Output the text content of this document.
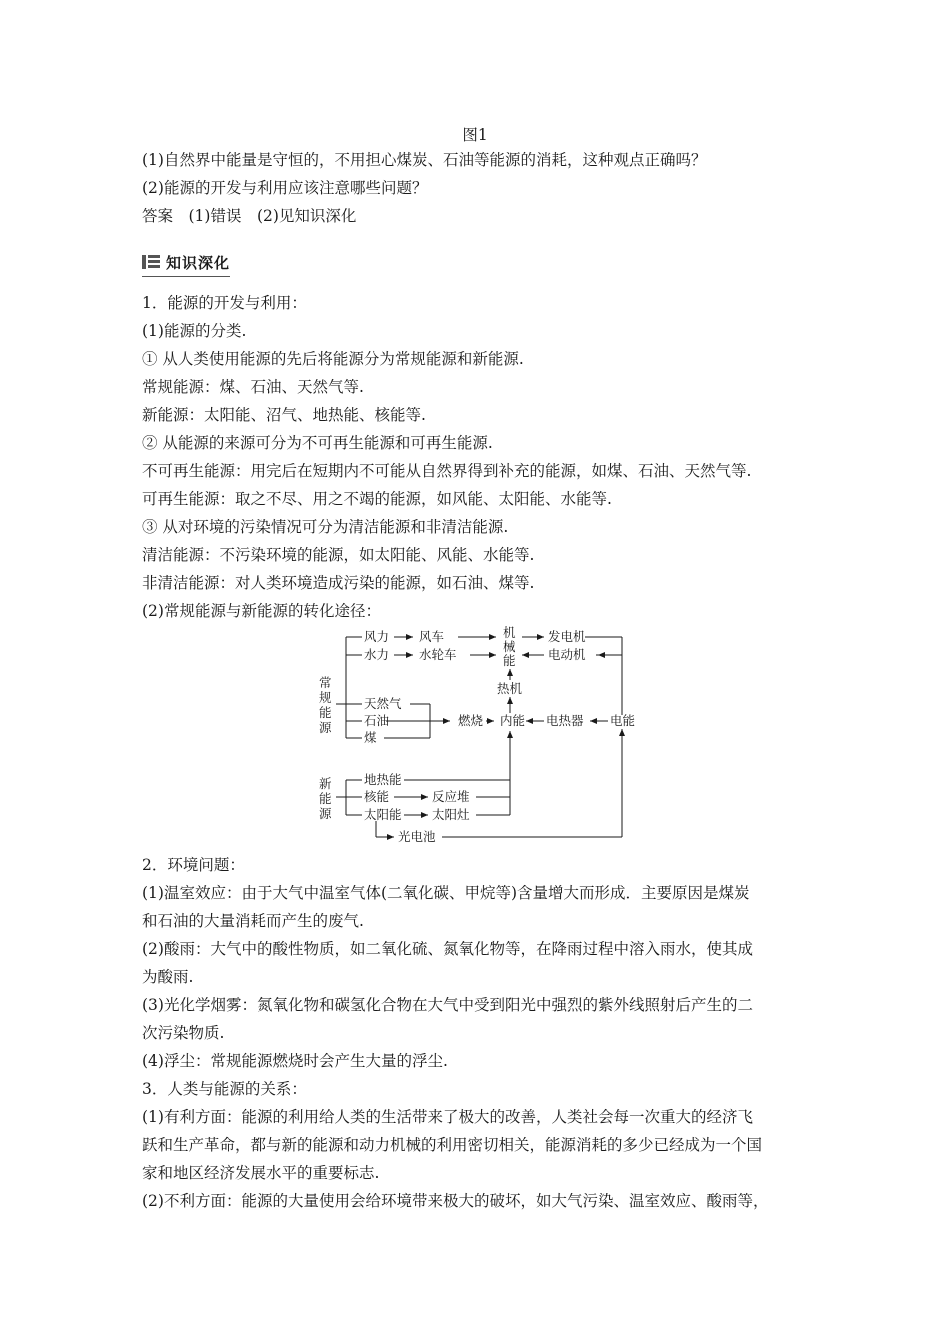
图1
(1)自然界中能量是守恒的，不用担心煤炭、石油等能源的消耗，这种观点正确吗？
(2)能源的开发与利用应该注意哪些问题？
答案　(1)错误　(2)见知识深化
知识深化
1．能源的开发与利用：
(1)能源的分类.
① 从人类使用能源的先后将能源分为常规能源和新能源.
常规能源：煤、石油、天然气等.
新能源：太阳能、沼气、地热能、核能等.
② 从能源的来源可分为不可再生能源和可再生能源.
不可再生能源：用完后在短期内不可能从自然界得到补充的能源，如煤、石油、天然气等.
可再生能源：取之不尽、用之不竭的能源，如风能、太阳能、水能等.
③ 从对环境的污染情况可分为清洁能源和非清洁能源.
清洁能源：不污染环境的能源，如太阳能、风能、水能等.
非清洁能源：对人类环境造成污染的能源，如石油、煤等.
(2)常规能源与新能源的转化途径：
常
规
能
源
新
能
源
风力 风车
水力 水轮车
机
械
能
发电机
电动机
热机
天然气
石油
煤
燃烧 内能 电热器 电能
地热能
核能	反应堆
太阳能 太阳灶
光电池
2．环境问题：
(1)温室效应：由于大气中温室气体(二氧化碳、甲烷等)含量增大而形成．主要原因是煤炭
和石油的大量消耗而产生的废气.
(2)酸雨：大气中的酸性物质，如二氧化硫、氮氧化物等，在降雨过程中溶入雨水，使其成
为酸雨.
(3)光化学烟雾：氮氧化物和碳氢化合物在大气中受到阳光中强烈的紫外线照射后产生的二
次污染物质.
(4)浮尘：常规能源燃烧时会产生大量的浮尘.
3．人类与能源的关系：
(1)有利方面：能源的利用给人类的生活带来了极大的改善，人类社会每一次重大的经济飞
跃和生产革命，都与新的能源和动力机械的利用密切相关，能源消耗的多少已经成为一个国
家和地区经济发展水平的重要标志.
(2)不利方面：能源的大量使用会给环境带来极大的破坏，如大气污染、温室效应、酸雨等，
